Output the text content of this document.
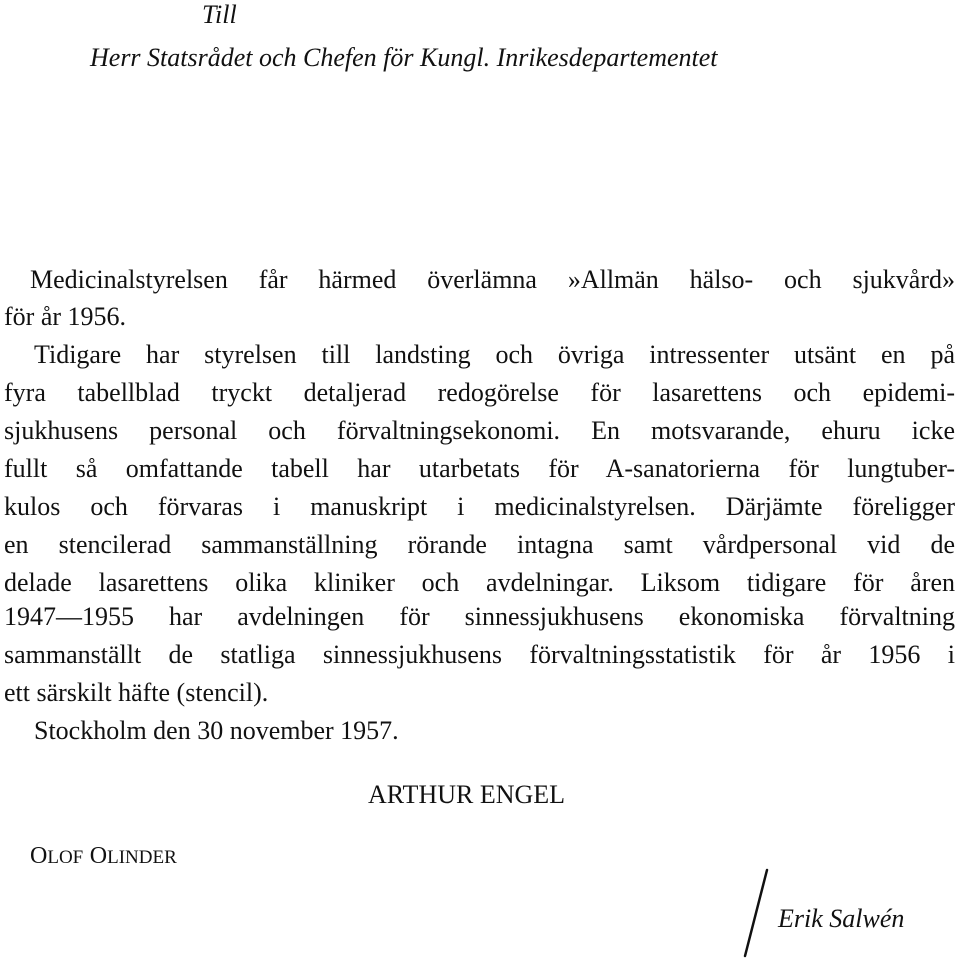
Till
Herr Statsrådet och Chefen för Kungl. Inrikesdepartementet
Medicinalstyrelsen får härmed överlämna »Allmän hälso- och sjukvård»
för år 1956.
Tidigare har styrelsen till landsting och övriga intressenter utsänt en på
fyra tabellblad tryckt detaljerad redogörelse för lasarettens och epidemi-
sjukhusens personal och förvaltningsekonomi. En motsvarande, ehuru icke
fullt så omfattande tabell har utarbetats för A-sanatorierna för lungtuber-
kulos och förvaras i manuskript i medicinalstyrelsen. Därjämte föreligger
en stencilerad sammanställning rörande intagna samt vårdpersonal vid de
delade lasarettens olika kliniker och avdelningar. Liksom tidigare för åren
1947—1955 har avdelningen för sinnessjukhusens ekonomiska förvaltning
sammanställt de statliga sinnessjukhusens förvaltningsstatistik för år 1956 i
ett särskilt häfte (stencil).
Stockholm den 30 november 1957.
ARTHUR ENGEL
OLOF OLINDER
Erik Salwén
